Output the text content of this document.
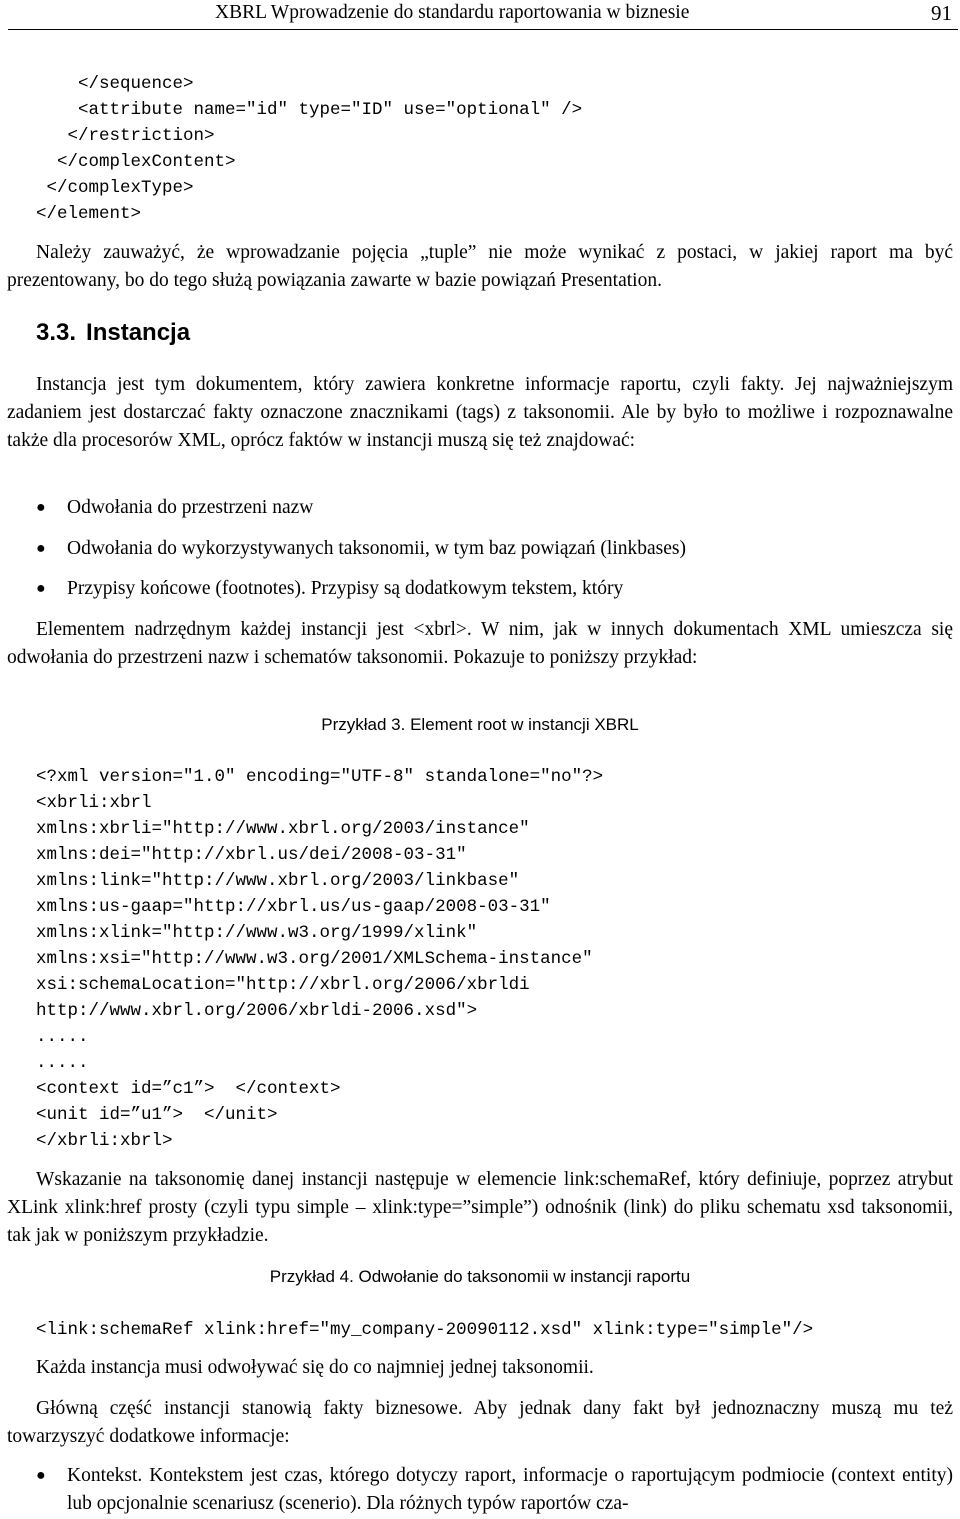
XBRL Wprowadzenie do standardu raportowania w biznesie	91
</sequence>
<attribute name="id" type="ID" use="optional" />
</restriction>
</complexContent>
</complexType>
</element>

Należy zauważyć, że wprowadzanie pojęcia „tuple” nie może wynikać z postaci, w jakiej raport ma być prezentowany, bo do tego służą powiązania zawarte w bazie powiązań Presentation.

3.3. Instancja

Instancja jest tym dokumentem, który zawiera konkretne informacje raportu, czyli fakty. Jej najważniejszym zadaniem jest dostarczać fakty oznaczone znacznikami (tags) z taksonomii. Ale by było to możliwe i rozpoznawalne także dla procesorów XML, oprócz faktów w instancji muszą się też znajdować:

● Odwołania do przestrzeni nazw
● Odwołania do wykorzystywanych taksonomii, w tym baz powiązań (linkbases)
● Przypisy końcowe (footnotes). Przypisy są dodatkowym tekstem, który

Elementem nadrzędnym każdej instancji jest <xbrl>. W nim, jak w innych dokumentach XML umieszcza się odwołania do przestrzeni nazw i schematów taksonomii. Pokazuje to poniższy przykład:

Przykład 3. Element root w instancji XBRL
<?xml version="1.0" encoding="UTF-8" standalone="no"?>
<xbrli:xbrl
xmlns:xbrli="http://www.xbrl.org/2003/instance"
xmlns:dei="http://xbrl.us/dei/2008-03-31"
xmlns:link="http://www.xbrl.org/2003/linkbase"
xmlns:us-gaap="http://xbrl.us/us-gaap/2008-03-31"
xmlns:xlink="http://www.w3.org/1999/xlink"
xmlns:xsi="http://www.w3.org/2001/XMLSchema-instance"
xsi:schemaLocation="http://xbrl.org/2006/xbrldi
http://www.xbrl.org/2006/xbrldi-2006.xsd">
.....
.....
<context id=”c1”>  </context>
<unit id=”u1”>  </unit>
</xbrli:xbrl>

Wskazanie na taksonomię danej instancji następuje w elemencie link:schemaRef, który definiuje, poprzez atrybut XLink xlink:href prosty (czyli typu simple – xlink:type=”simple”) odnośnik (link) do pliku schematu xsd taksonomii, tak jak w poniższym przykładzie.

Przykład 4. Odwołanie do taksonomii w instancji raportu
<link:schemaRef xlink:href="my_company-20090112.xsd" xlink:type="simple"/>

Każda instancja musi odwoływać się do co najmniej jednej taksonomii.

Główną część instancji stanowią fakty biznesowe. Aby jednak dany fakt był jednoznaczny muszą mu też towarzyszyć dodatkowe informacje:

● Kontekst. Kontekstem jest czas, którego dotyczy raport, informacje o raportującym podmiocie (context entity) lub opcjonalnie scenariusz (scenerio). Dla różnych typów raportów cza-
